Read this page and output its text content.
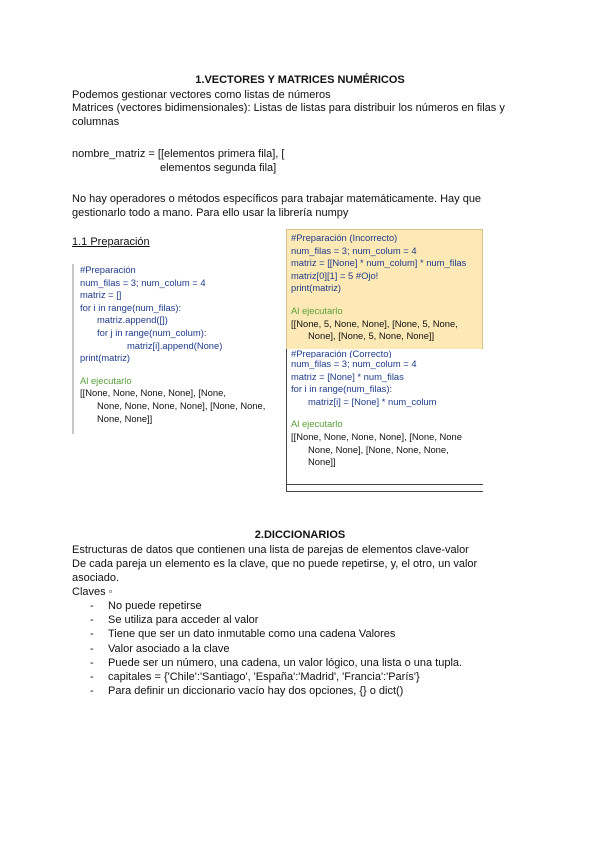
1.VECTORES Y MATRICES NUMÉRICOS

Podemos gestionar vectores como listas de números

Matrices (vectores bidimensionales): Listas de listas para distribuir los números en filas y columnas

nombre_matriz = [[elementos primera fila], [

elementos segunda fila]

No hay operadores o métodos específicos para trabajar matemáticamente. Hay que gestionarlo todo a mano. Para ello usar la librería numpy

1.1 Preparación
#Preparación
num_filas = 3; num_colum = 4
matriz = []
for i in range(num_filas):
matriz.append([])
for j in range(num_colum):
matriz[i].append(None)
print(matriz)
Al ejecutarlo
[[None, None, None, None], [None,
None, None, None, None], [None, None,
None, None]]
#Preparación (Incorrecto)
num_filas = 3; num_colum = 4
matriz = [[None] * num_colum] * num_filas
matriz[0][1] = 5 #Ojo!
print(matriz)
Al ejecutarlo
[[None, 5, None, None], [None, 5, None,
None], [None, 5, None, None]]
#Preparación (Correcto)
num_filas = 3; num_colum = 4
matriz = [None] * num_filas
for i in range(num_filas):
matriz[i] = [None] * num_colum
Al ejecutarlo
[[None, None, None, None], [None, None
None, None], [None, None, None,
None]]
2.DICCIONARIOS

Estructuras de datos que contienen una lista de parejas de elementos clave-valor

De cada pareja un elemento es la clave, que no puede repetirse, y, el otro, un valor asociado.

Claves ◦

- No puede repetirse
- Se utiliza para acceder al valor
- Tiene que ser un dato inmutable como una cadena Valores
- Valor asociado a la clave
- Puede ser un número, una cadena, un valor lógico, una lista o una tupla.
- capitales = {'Chile':'Santiago', 'España':'Madrid', 'Francia':'París'}
- Para definir un diccionario vacío hay dos opciones, {} o dict()
